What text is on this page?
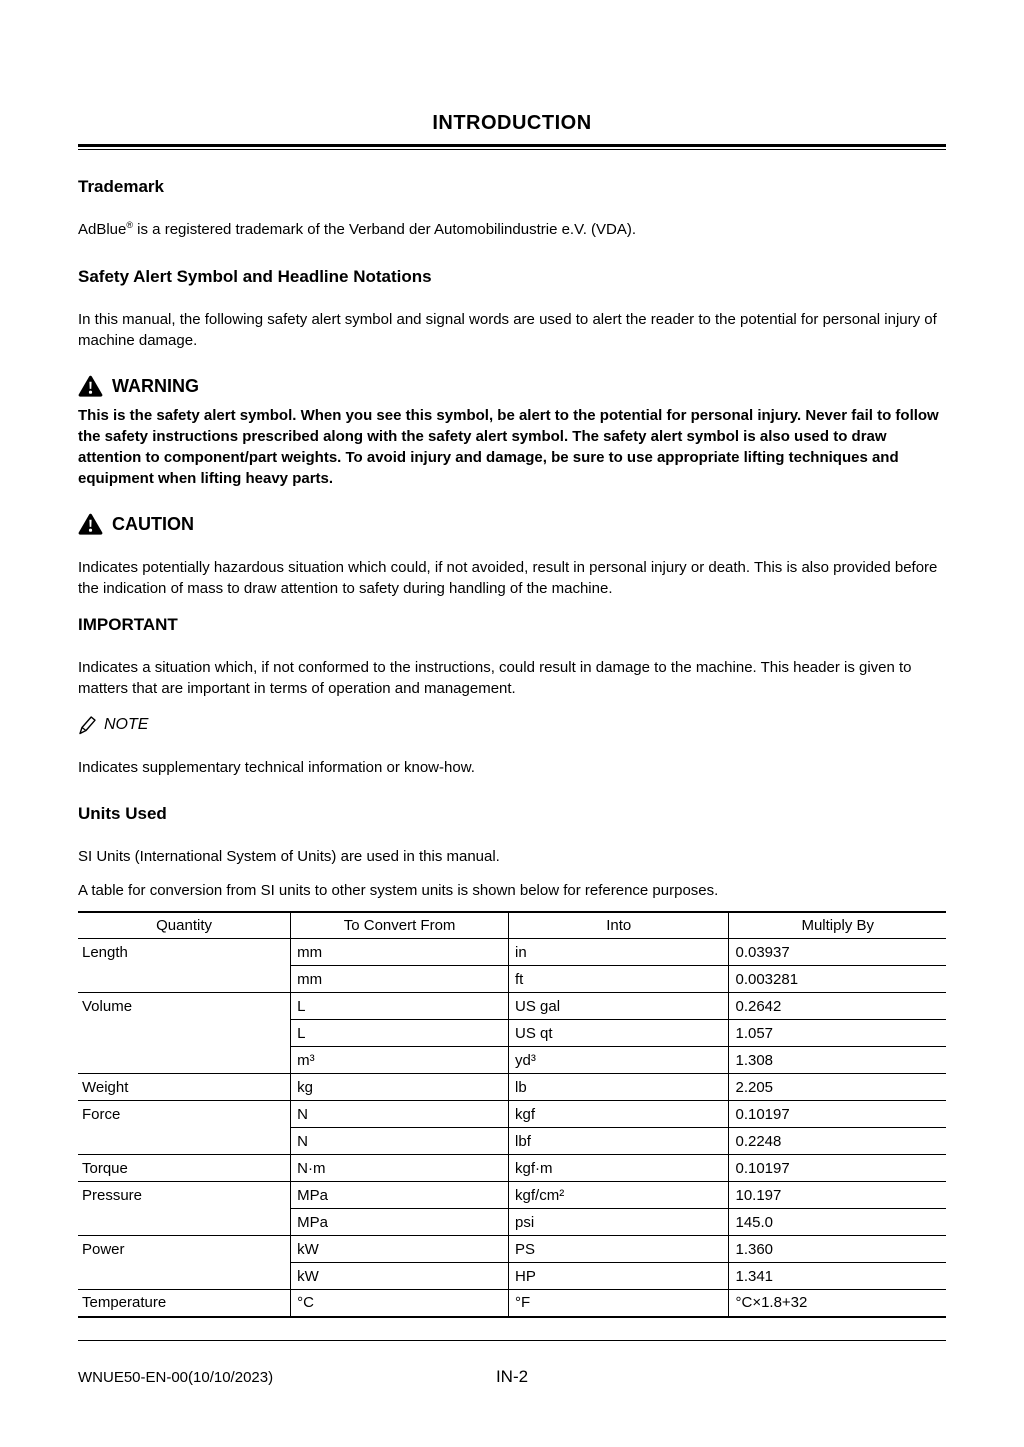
INTRODUCTION
Trademark

AdBlue® is a registered trademark of the Verband der Automobilindustrie e.V. (VDA).

Safety Alert Symbol and Headline Notations

In this manual, the following safety alert symbol and signal words are used to alert the reader to the potential for personal injury of machine damage.

WARNING

This is the safety alert symbol. When you see this symbol, be alert to the potential for personal injury. Never fail to follow the safety instructions prescribed along with the safety alert symbol. The safety alert symbol is also used to draw attention to component/part weights. To avoid injury and damage, be sure to use appropriate lifting techniques and equipment when lifting heavy parts.

CAUTION

Indicates potentially hazardous situation which could, if not avoided, result in personal injury or death. This is also provided before the indication of mass to draw attention to safety during handling of the machine.

IMPORTANT

Indicates a situation which, if not conformed to the instructions, could result in damage to the machine. This header is given to matters that are important in terms of operation and management.

NOTE

Indicates supplementary technical information or know-how.

Units Used

SI Units (International System of Units) are used in this manual.

A table for conversion from SI units to other system units is shown below for reference purposes.

Quantity	To Convert From	Into	Multiply By
Length	mm	in	0.03937
	mm	ft	0.003281
Volume	L	US gal	0.2642
	L	US qt	1.057
	m³	yd³	1.308
Weight	kg	lb	2.205
Force	N	kgf	0.10197
	N	lbf	0.2248
Torque	N·m	kgf·m	0.10197
Pressure	MPa	kgf/cm²	10.197
	MPa	psi	145.0
Power	kW	PS	1.360
	kW	HP	1.341
Temperature	°C	°F	°C×1.8+32
WNUE50-EN-00(10/10/2023)	IN-2
